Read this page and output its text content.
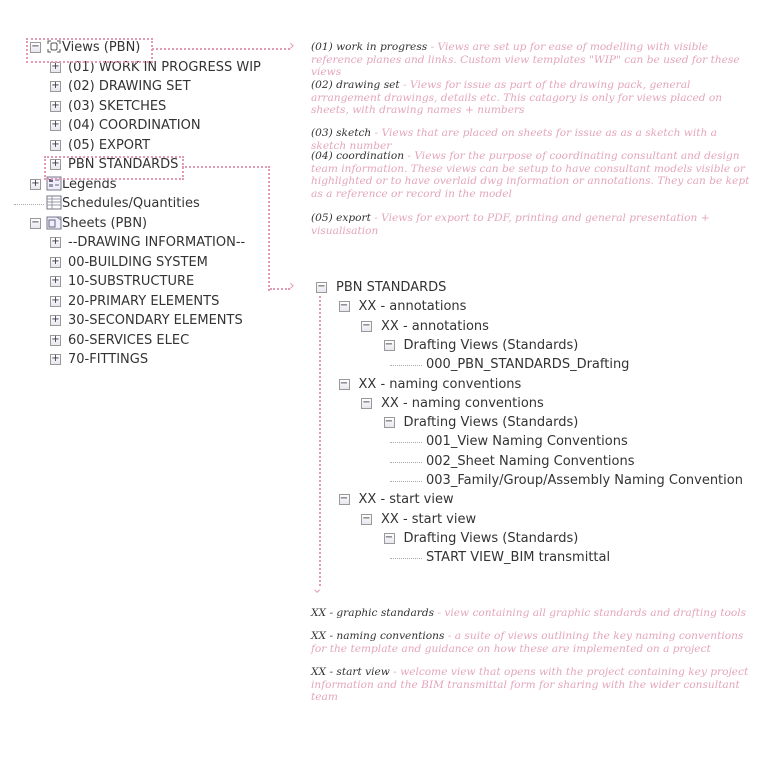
− Views (PBN)
+ (01) WORK IN PROGRESS WIP
+ (02) DRAWING SET
+ (03) SKETCHES
+ (04) COORDINATION
+ (05) EXPORT
+ PBN STANDARDS
+ Legends
Schedules/Quantities
− Sheets (PBN)
+ --DRAWING INFORMATION--
+ 00-BUILDING SYSTEM
+ 10-SUBSTRUCTURE
+ 20-PRIMARY ELEMENTS
+ 30-SECONDARY ELEMENTS
+ 60-SERVICES ELEC
+ 70-FITTINGS
− PBN STANDARDS
− XX - annotations
− XX - annotations
− Drafting Views (Standards)
000_PBN_STANDARDS_Drafting
− XX - naming conventions
− XX - naming conventions
− Drafting Views (Standards)
001_View Naming Conventions
002_Sheet Naming Conventions
003_Family/Group/Assembly Naming Convention
− XX - start view
− XX - start view
− Drafting Views (Standards)
START VIEW_BIM transmittal
(01) work in progress - Views are set up for ease of modelling with visible reference planes and links. Custom view templates "WIP" can be used for these views
(02) drawing set - Views for issue as part of the drawing pack, general arrangement drawings, details etc. This catagory is only for views placed on sheets, with drawing names + numbers
(03) sketch - Views that are placed on sheets for issue as as a sketch with a sketch number
(04) coordination - Views for the purpose of coordinating consultant and design team information. These views can be setup to have consultant models visible or highlighted or to have overlaid dwg information or annotations. They can be kept as a reference or record in the model
(05) export - Views for export to PDF, printing and general presentation + visualisation
XX - graphic standards - view containing all graphic standards and drafting tools
XX - naming conventions - a suite of views outlining the key naming conventions for the template and guidance on how these are implemented on a project
XX - start view - welcome view that opens with the project containing key project information and the BIM transmittal form for sharing with the wider consultant team
›
›
›
